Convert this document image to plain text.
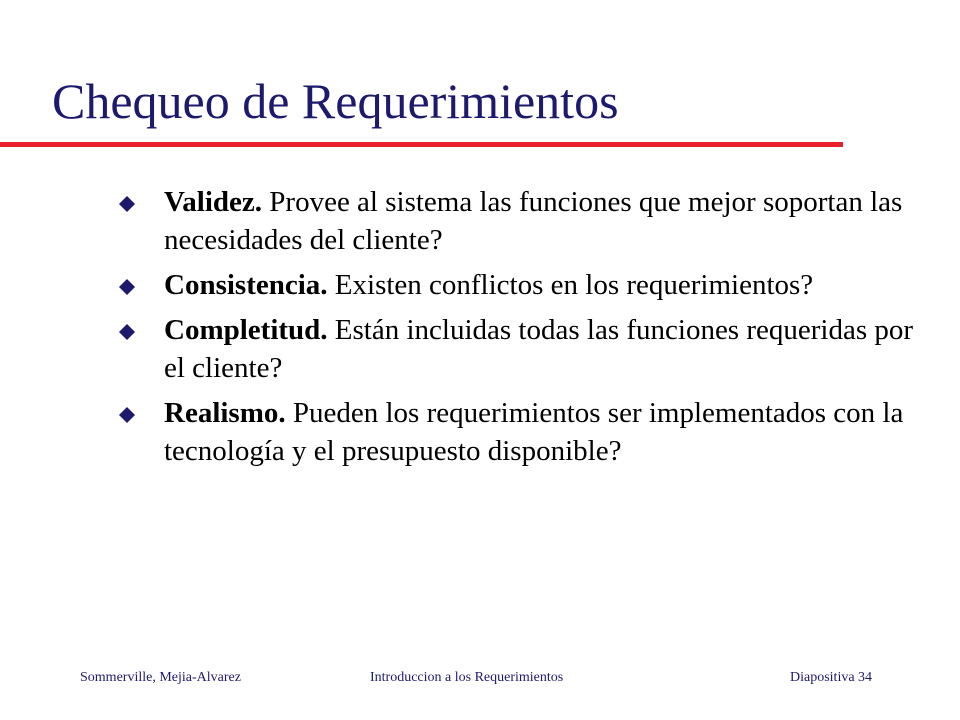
Chequeo de Requerimientos
Validez. Provee al sistema las funciones que mejor soportan las necesidades del cliente?
Consistencia. Existen conflictos en los requerimientos?
Completitud. Están incluidas todas las funciones requeridas por el cliente?
Realismo. Pueden los requerimientos ser implementados con la tecnología y el presupuesto disponible?
Sommerville, Mejia-Alvarez	Introduccion a los Requerimientos	Diapositiva 34
